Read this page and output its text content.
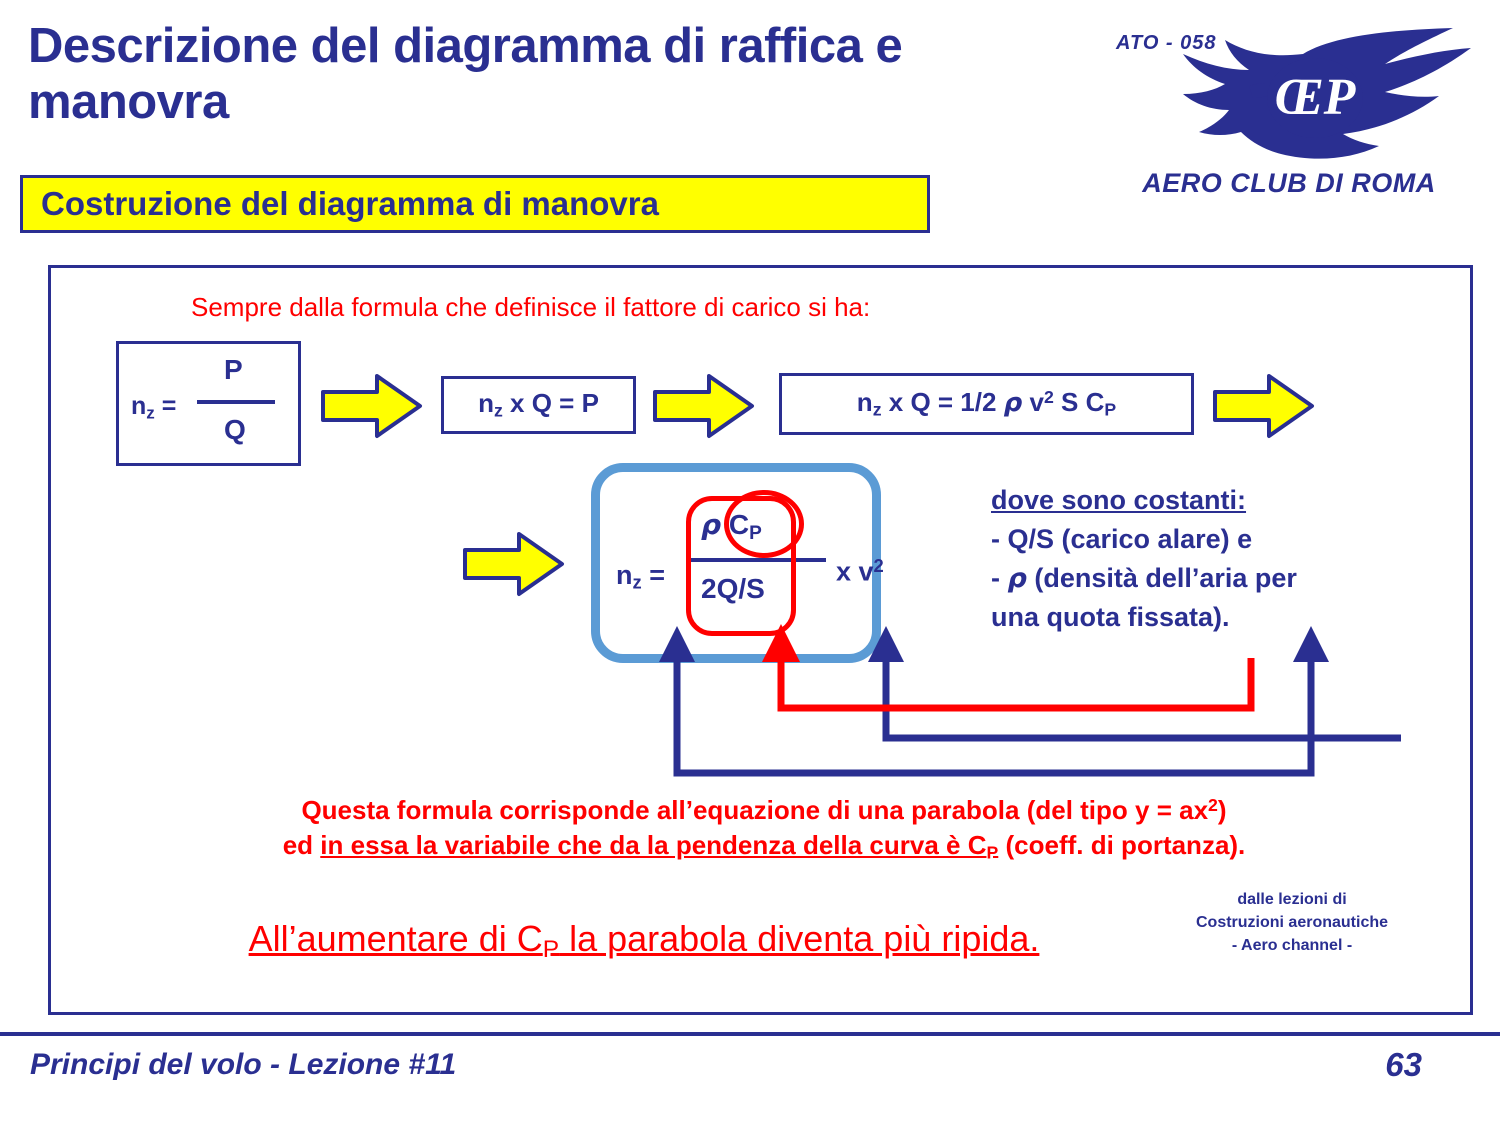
Descrizione del diagramma di raffica e manovra
ATO - 058
ŒP
AERO CLUB DI ROMA
Costruzione del diagramma di manovra
Sempre dalla formula che definisce il fattore di carico si ha:
$n_z$ =
P
Q
$n_z$ x Q = P	$n_z$ x Q = 1/2 ρ $v^2$ S $C_P$
$n_z$ =
ρ $C_P$
2Q/S
x $v^2$
dove sono costanti:
- Q/S (carico alare) e
- ρ (densità dell’aria per
una quota fissata).
Questa formula corrisponde all’equazione di una parabola (del tipo $y = ax^2$)
ed in essa la variabile che da la pendenza della curva è $C_P$ (coeff. di portanza).
All’aumentare di $C_P$ la parabola diventa più ripida.
dalle lezioni di
Costruzioni aeronautiche
- Aero channel -
Principi del volo - Lezione #11	63
